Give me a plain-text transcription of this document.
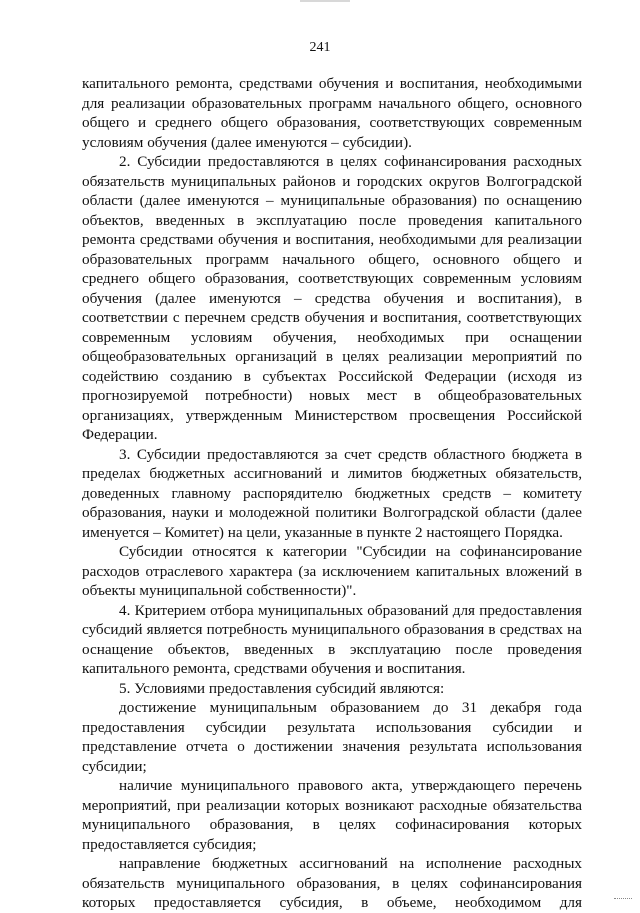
241

капитального ремонта, средствами обучения и воспитания, необходимыми для реализации образовательных программ начального общего, основного общего и среднего общего образования, соответствующих современным условиям обучения (далее именуются – субсидии).

2. Субсидии предоставляются в целях софинансирования расходных обязательств муниципальных районов и городских округов Волгоградской области (далее именуются – муниципальные образования) по оснащению объектов, введенных в эксплуатацию после проведения капитального ремонта средствами обучения и воспитания, необходимыми для реализации образовательных программ начального общего, основного общего и среднего общего образования, соответствующих современным условиям обучения (далее именуются – средства обучения и воспитания), в соответствии с перечнем средств обучения и воспитания, соответствующих современным условиям обучения, необходимых при оснащении общеобразовательных организаций в целях реализации мероприятий по содействию созданию в субъектах Российской Федерации (исходя из прогнозируемой потребности) новых мест в общеобразовательных организациях, утвержденным Министерством просвещения Российской Федерации.

3. Субсидии предоставляются за счет средств областного бюджета в пределах бюджетных ассигнований и лимитов бюджетных обязательств, доведенных главному распорядителю бюджетных средств – комитету образования, науки и молодежной политики Волгоградской области (далее именуется – Комитет) на цели, указанные в пункте 2 настоящего Порядка.

Субсидии относятся к категории "Субсидии на софинансирование расходов отраслевого характера (за исключением капитальных вложений в объекты муниципальной собственности)".

4. Критерием отбора муниципальных образований для предоставления субсидий является потребность муниципального образования в средствах на оснащение объектов, введенных в эксплуатацию после проведения капитального ремонта, средствами обучения и воспитания.

5. Условиями предоставления субсидий являются:

достижение муниципальным образованием до 31 декабря года предоставления субсидии результата использования субсидии и представление отчета о достижении значения результата использования субсидии;

наличие муниципального правового акта, утверждающего перечень мероприятий, при реализации которых возникают расходные обязательства муниципального образования, в целях софинасирования которых предоставляется субсидия;

направление бюджетных ассигнований на исполнение расходных обязательств муниципального образования, в целях софинансирования которых предоставляется субсидия, в объеме, необходимом для
